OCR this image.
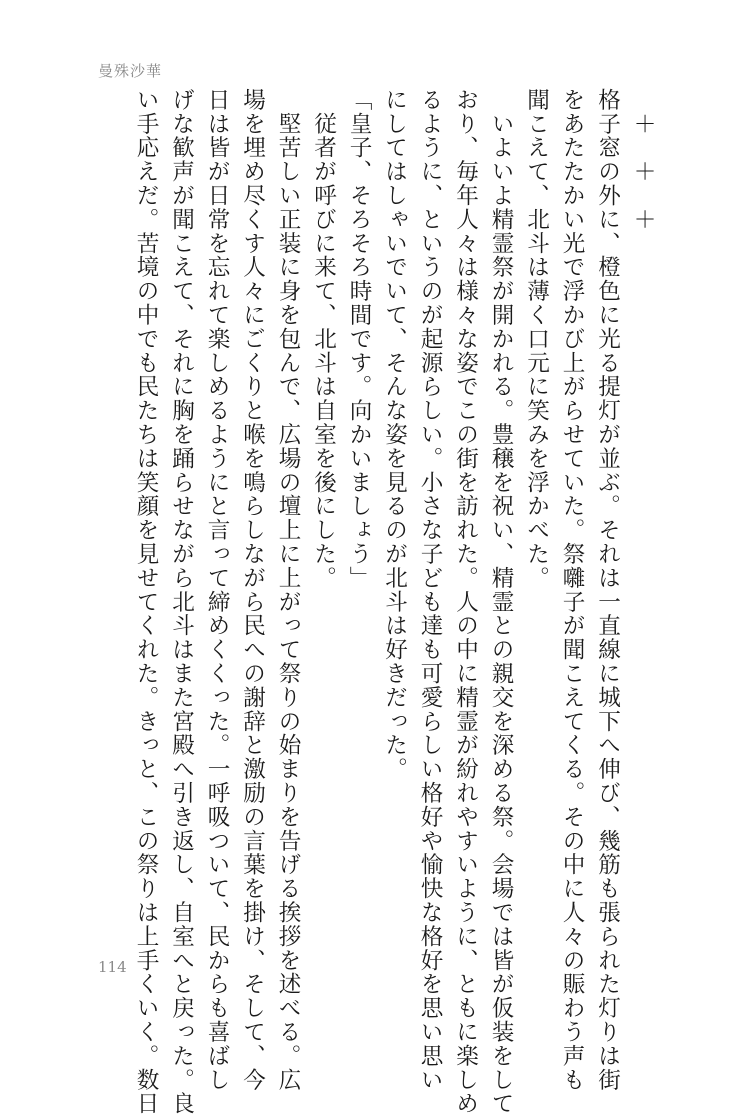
曼殊沙華
　＋　＋　＋
格子窓の外に、橙色に光る提灯が並ぶ。それは一直線に城下へ伸び、幾筋も張られた灯りは街
をあたたかい光で浮かび上がらせていた。祭囃子が聞こえてくる。その中に人々の賑わう声も
聞こえて、北斗は薄く口元に笑みを浮かべた。
　いよいよ精霊祭が開かれる。豊穣を祝い、精霊との親交を深める祭。会場では皆が仮装をして
おり、毎年人々は様々な姿でこの街を訪れた。人の中に精霊が紛れやすいように、ともに楽しめ
るように、というのが起源らしい。小さな子ども達も可愛らしい格好や愉快な格好を思い思い
にしてはしゃいでいて、そんな姿を見るのが北斗は好きだった。
「皇子、そろそろ時間です。向かいましょう」
　従者が呼びに来て、北斗は自室を後にした。
　堅苦しい正装に身を包んで、広場の壇上に上がって祭りの始まりを告げる挨拶を述べる。広
場を埋め尽くす人々にごくりと喉を鳴らしながら民への謝辞と激励の言葉を掛け、そして、今
日は皆が日常を忘れて楽しめるようにと言って締めくくった。一呼吸ついて、民からも喜ばし
げな歓声が聞こえて、それに胸を踊らせながら北斗はまた宮殿へ引き返し、自室へと戻った。良
い手応えだ。苦境の中でも民たちは笑顔を見せてくれた。きっと、この祭りは上手くいく。数日
114
